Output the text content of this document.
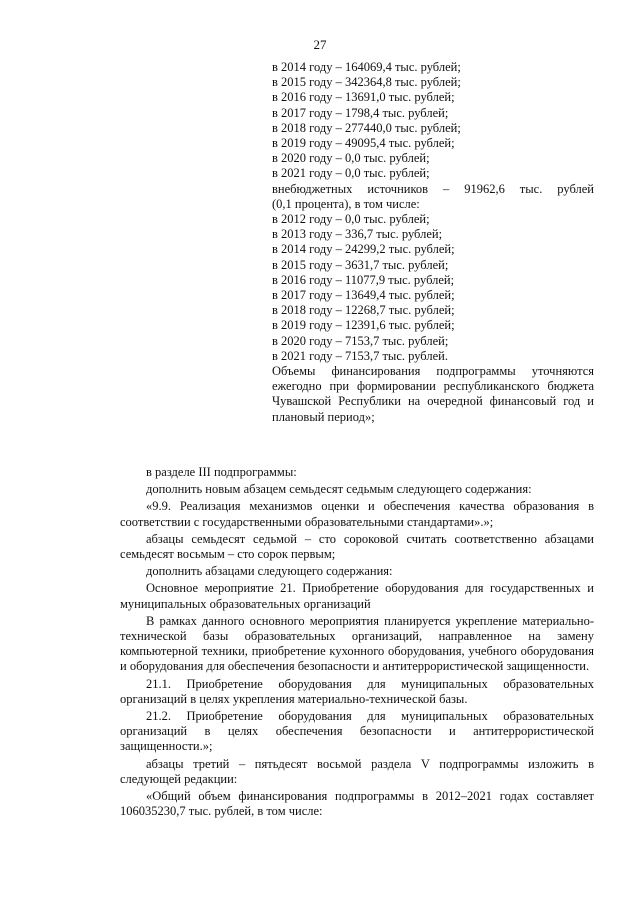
27
в 2014 году – 164069,4 тыс. рублей;
в 2015 году – 342364,8 тыс. рублей;
в 2016 году – 13691,0 тыс. рублей;
в 2017 году – 1798,4 тыс. рублей;
в 2018 году – 277440,0 тыс. рублей;
в 2019 году – 49095,4 тыс. рублей;
в 2020 году – 0,0 тыс. рублей;
в 2021 году – 0,0 тыс. рублей;
внебюджетных источников – 91962,6 тыс. рублей
(0,1 процента), в том числе:
в 2012 году – 0,0 тыс. рублей;
в 2013 году – 336,7 тыс. рублей;
в 2014 году – 24299,2 тыс. рублей;
в 2015 году – 3631,7 тыс. рублей;
в 2016 году – 11077,9 тыс. рублей;
в 2017 году – 13649,4 тыс. рублей;
в 2018 году – 12268,7 тыс. рублей;
в 2019 году – 12391,6 тыс. рублей;
в 2020 году – 7153,7 тыс. рублей;
в 2021 году – 7153,7 тыс. рублей.
Объемы финансирования подпрограммы уточняются ежегодно при формировании республиканского бюджета Чувашской Республики на очередной финансовый год и плановый период»;

в разделе III подпрограммы:

дополнить новым абзацем семьдесят седьмым следующего содержания:

«9.9. Реализация механизмов оценки и обеспечения качества образования в соответствии с государственными образовательными стандартами».»;

абзацы семьдесят седьмой – сто сороковой считать соответственно абзацами семьдесят восьмым – сто сорок первым;

дополнить абзацами следующего содержания:

Основное мероприятие 21. Приобретение оборудования для государственных и муниципальных образовательных организаций

В рамках данного основного мероприятия планируется укрепление материально-технической базы образовательных организаций, направленное на замену компьютерной техники, приобретение кухонного оборудования, учебного оборудования и оборудования для обеспечения безопасности и антитеррористической защищенности.

21.1. Приобретение оборудования для муниципальных образовательных организаций в целях укрепления материально-технической базы.

21.2. Приобретение оборудования для муниципальных образовательных организаций в целях обеспечения безопасности и антитеррористической защищенности.»;

абзацы третий – пятьдесят восьмой раздела V подпрограммы изложить в следующей редакции:

«Общий объем финансирования подпрограммы в 2012–2021 годах составляет 106035230,7 тыс. рублей, в том числе:
